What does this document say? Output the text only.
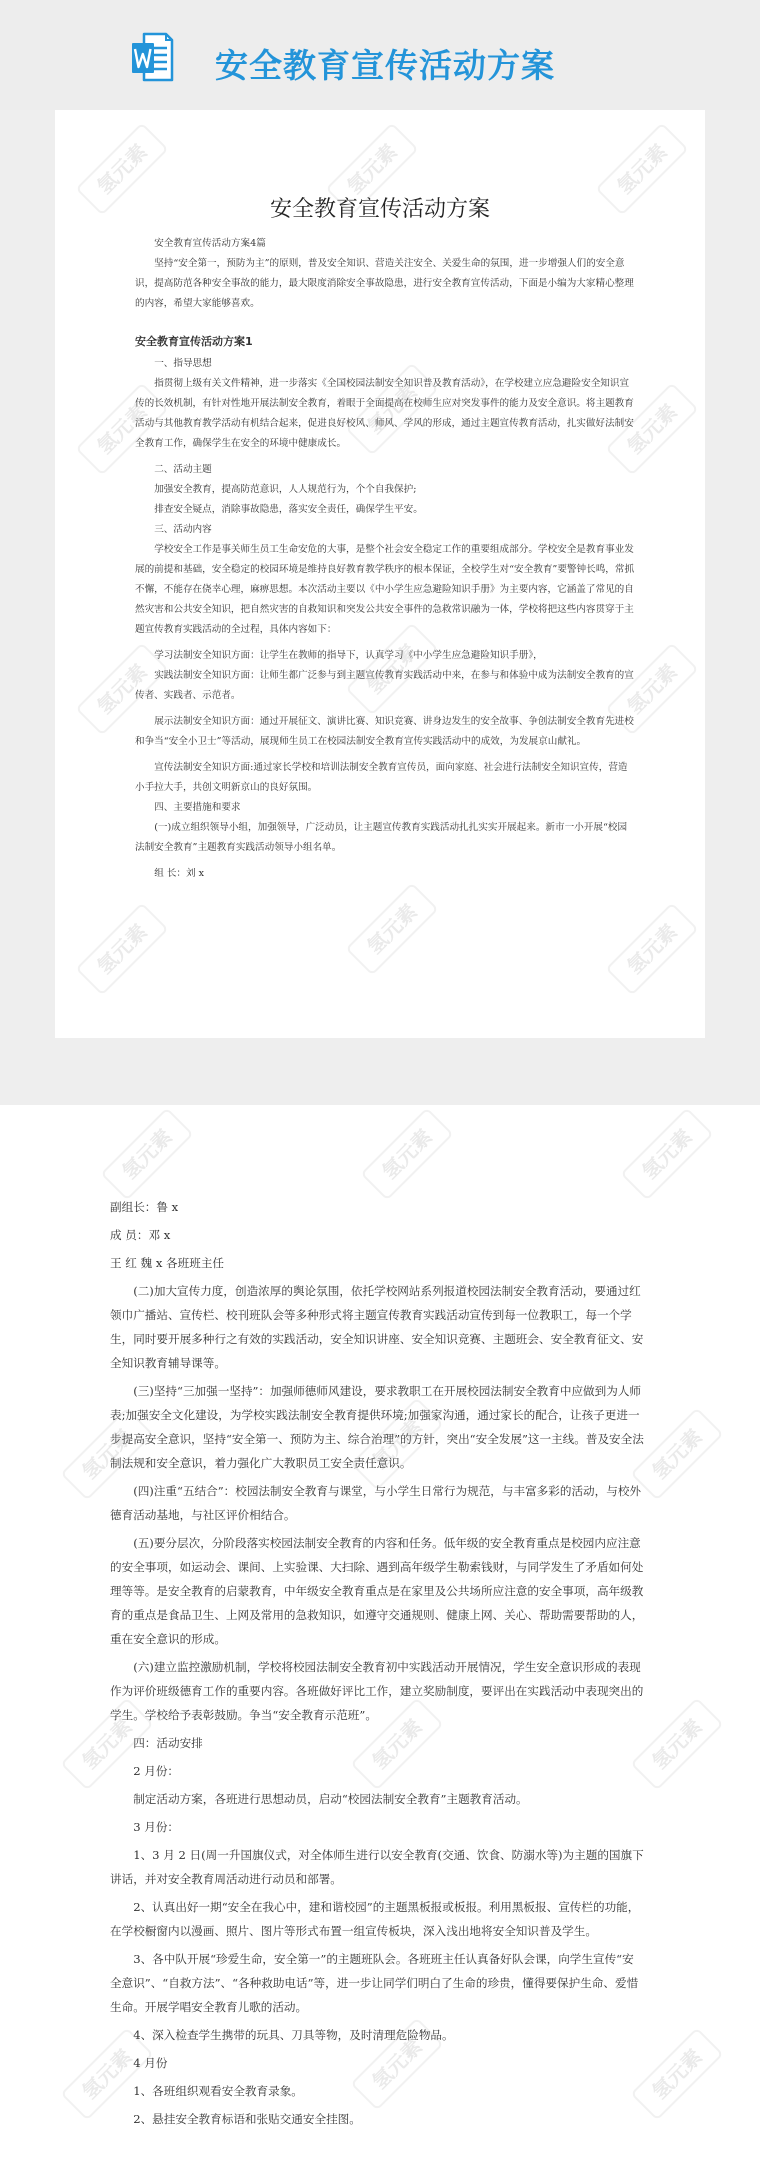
安全教育宣传活动方案
安全教育宣传活动方案

安全教育宣传活动方案4篇

坚持“安全第一，预防为主”的原则，普及安全知识、营造关注安全、关爱生命的氛围，进一步增强人们的安全意识，提高防范各种安全事故的能力，最大限度消除安全事故隐患，进行安全教育宣传活动，下面是小编为大家精心整理的内容，希望大家能够喜欢。

安全教育宣传活动方案1

一、指导思想

指贯彻上级有关文件精神，进一步落实《全国校园法制安全知识普及教育活动》，在学校建立应急避险安全知识宣传的长效机制，有针对性地开展法制安全教育，着眼于全面提高在校师生应对突发事件的能力及安全意识。将主题教育活动与其他教育教学活动有机结合起来，促进良好校风、师风、学风的形成，通过主题宣传教育活动，扎实做好法制安全教育工作，确保学生在安全的环境中健康成长。

二、活动主题

加强安全教育，提高防范意识，人人规范行为，个个自我保护;

排查安全疑点，消除事故隐患，落实安全责任，确保学生平安。

三、活动内容

学校安全工作是事关师生员工生命安危的大事，是整个社会安全稳定工作的重要组成部分。学校安全是教育事业发展的前提和基础，安全稳定的校园环境是维持良好教育教学秩序的根本保证，全校学生对“安全教育”要警钟长鸣，常抓不懈，不能存在侥幸心理，麻痹思想。本次活动主要以《中小学生应急避险知识手册》为主要内容，它涵盖了常见的自然灾害和公共安全知识，把自然灾害的自救知识和突发公共安全事件的急救常识融为一体，学校将把这些内容贯穿于主题宣传教育实践活动的全过程，具体内容如下：

学习法制安全知识方面：让学生在教师的指导下，认真学习《中小学生应急避险知识手册》，

实践法制安全知识方面：让师生都广泛参与到主题宣传教育实践活动中来，在参与和体验中成为法制安全教育的宣传者、实践者、示范者。

展示法制安全知识方面：通过开展征文、演讲比赛、知识竞赛、讲身边发生的安全故事、争创法制安全教育先进校和争当“安全小卫士”等活动，展现师生员工在校园法制安全教育宣传实践活动中的成效，为发展京山献礼。

宣传法制安全知识方面:通过家长学校和培训法制安全教育宣传员，面向家庭、社会进行法制安全知识宣传，营造小手拉大手，共创文明新京山的良好氛围。

四、主要措施和要求

(一)成立组织领导小组，加强领导，广泛动员，让主题宣传教育实践活动扎扎实实开展起来。新市一小开展“校园法制安全教育”主题教育实践活动领导小组名单。

组 长：刘 x

氢元素	氢元素	氢元素
氢元素	氢元素	氢元素
氢元素	氢元素	氢元素
氢元素	氢元素	氢元素

副组长：鲁 x

成 员：邓 x

王 红 魏 x 各班班主任

(二)加大宣传力度，创造浓厚的舆论氛围，依托学校网站系列报道校园法制安全教育活动，要通过红领巾广播站、宣传栏、校刊班队会等多种形式将主题宣传教育实践活动宣传到每一位教职工，每一个学生，同时要开展多种行之有效的实践活动，安全知识讲座、安全知识竞赛、主题班会、安全教育征文、安全知识教育辅导课等。

(三)坚持“三加强一坚持”：加强师德师风建设，要求教职工在开展校园法制安全教育中应做到为人师表;加强安全文化建设，为学校实践法制安全教育提供环境;加强家沟通，通过家长的配合，让孩子更进一步提高安全意识，坚持“安全第一、预防为主、综合治理”的方针，突出“安全发展”这一主线。普及安全法制法规和安全意识，着力强化广大教职员工安全责任意识。

(四)注重“五结合”：校园法制安全教育与课堂，与小学生日常行为规范，与丰富多彩的活动，与校外德育活动基地，与社区评价相结合。

(五)要分层次，分阶段落实校园法制安全教育的内容和任务。低年级的安全教育重点是校园内应注意的安全事项，如运动会、课间、上实验课、大扫除、遇到高年级学生勒索钱财，与同学发生了矛盾如何处理等等。是安全教育的启蒙教育，中年级安全教育重点是在家里及公共场所应注意的安全事项，高年级教育的重点是食品卫生、上网及常用的急救知识，如遵守交通规则、健康上网、关心、帮助需要帮助的人，重在安全意识的形成。

(六)建立监控激励机制，学校将校园法制安全教育初中实践活动开展情况，学生安全意识形成的表现作为评价班级德育工作的重要内容。各班做好评比工作，建立奖励制度，要评出在实践活动中表现突出的学生。学校给予表彰鼓励。争当“安全教育示范班”。

四：活动安排

2 月份：

制定活动方案，各班进行思想动员，启动“校园法制安全教育”主题教育活动。

3 月份：

1、3 月 2 日(周一升国旗仪式，对全体师生进行以安全教育(交通、饮食、防溺水等)为主题的国旗下讲话，并对安全教育周活动进行动员和部署。

2、认真出好一期“安全在我心中，建和谐校园”的主题黑板报或板报。利用黑板报、宣传栏的功能，在学校橱窗内以漫画、照片、图片等形式布置一组宣传板块，深入浅出地将安全知识普及学生。

3、各中队开展“珍爱生命，安全第一”的主题班队会。各班班主任认真备好队会课，向学生宣传“安全意识”、“自救方法”、“各种救助电话”等，进一步让同学们明白了生命的珍贵，懂得要保护生命、爱惜生命。开展学唱安全教育儿歌的活动。

4、深入检查学生携带的玩具、刀具等物，及时清理危险物品。

4 月份

1、各班组织观看安全教育录象。

2、悬挂安全教育标语和张贴交通安全挂图。

氢元素	氢元素	氢元素
氢元素	氢元素	氢元素
氢元素	氢元素	氢元素
氢元素	氢元素	氢元素
